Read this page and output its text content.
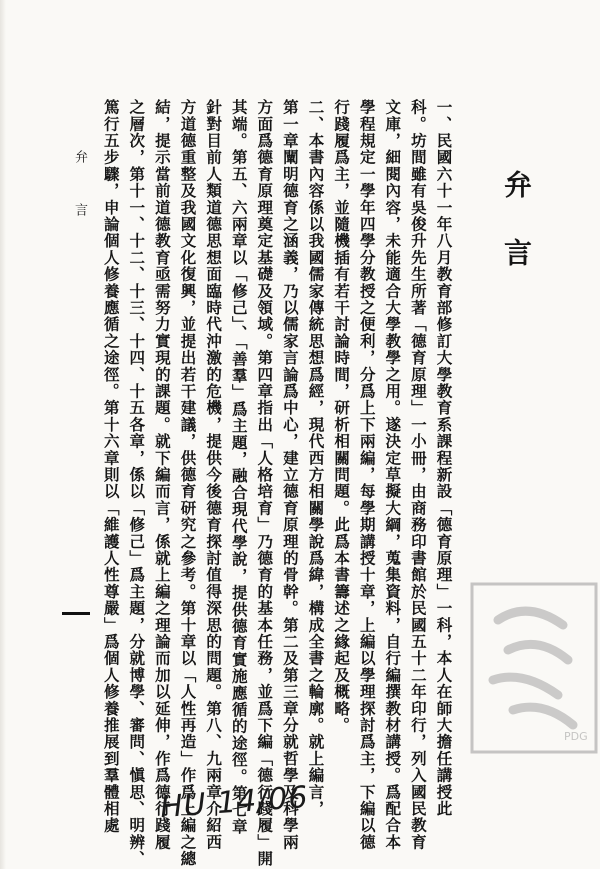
弁言
一、民國六十一年八月教育部修訂大學教育系課程新設「德育原理」一科，本人在師大擔任講授此
科。坊間雖有吳俊升先生所著「德育原理」一小冊，由商務印書館於民國五十二年印行，列入國民教育
文庫，細閱內容，未能適合大學教學之用。遂決定草擬大綱，蒐集資料，自行編撰教材講授。爲配合本
學程規定一學年四學分教授之便利，分爲上下兩編，每學期講授十章，上編以學理探討爲主，下編以德
行踐履爲主，並隨機插有若干討論時間，研析相關問題。此爲本書籌述之緣起及概略。
二、本書內容係以我國儒家傳統思想爲經，現代西方相關學說爲緯，構成全書之輪廓。就上編言，
第一章闡明德育之涵義，乃以儒家言論爲中心，建立德育原理的骨幹。第二及第三章分就哲學及科學兩
方面爲德育原理奠定基礎及領域。第四章指出「人格培育」乃德育的基本任務，並爲下編「德行踐履」開
其端。第五、六兩章以「修己」、「善羣」爲主題，融合現代學說，提供德育實施應循的途徑。第七章
針對目前人類道德思想面臨時代沖激的危機，提供今後德育探討值得深思的問題。第八、九兩章介紹西
方道德重整及我國文化復興，並提出若干建議，供德育研究之參考。第十章以「人性再造」作爲上編之總
結，提示當前道德教育亟需努力實現的課題。就下編而言，係就上編之理論而加以延伸，作爲德行踐履
之層次，第十一、十二、十三、十四、十五各章，係以「修己」爲主題，分就博學、審問、愼思、明辨、
篤行五步驟，申論個人修養應循之途徑。第十六章則以「維護人性尊嚴」爲個人修養推展到羣體相處
弁言
HU 14/06
PDG
